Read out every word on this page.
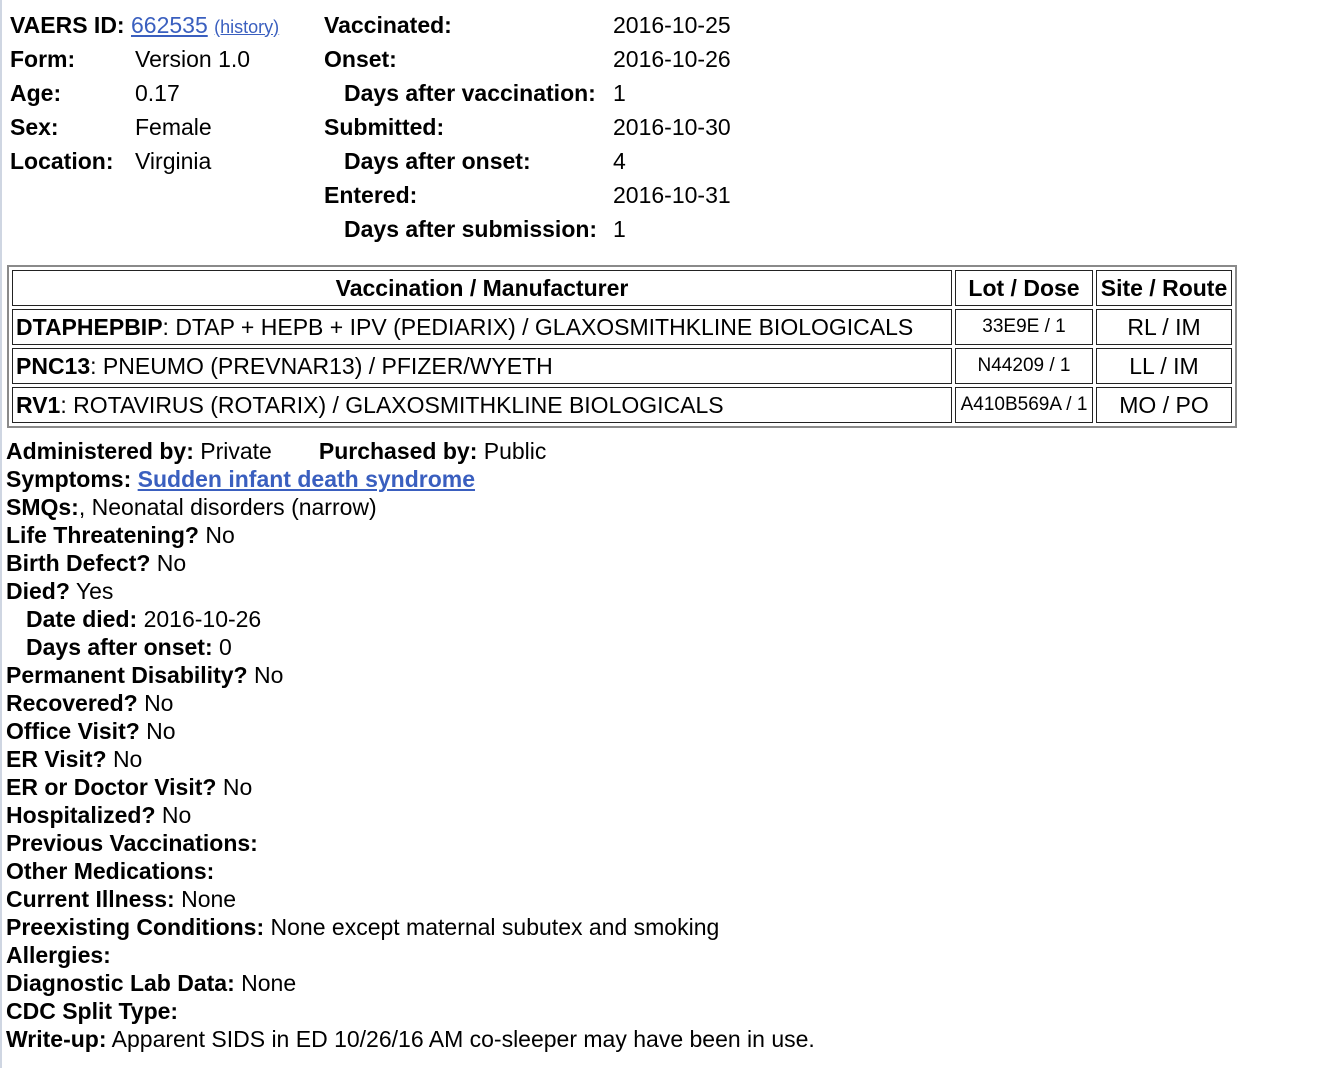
VAERS ID: 662535 (history)		Vaccinated:	2016-10-25
Form:	Version 1.0	Onset:	2016-10-26
Age:	0.17	Days after vaccination:	1
Sex:	Female	Submitted:	2016-10-30
Location:	Virginia	Days after onset:	4
		Entered:	2016-10-31
		Days after submission:	1
Vaccination / Manufacturer	Lot / Dose	Site / Route
DTAPHEPBIP: DTAP + HEPB + IPV (PEDIARIX) / GLAXOSMITHKLINE BIOLOGICALS	33E9E / 1	RL / IM
PNC13: PNEUMO (PREVNAR13) / PFIZER/WYETH	N44209 / 1	LL / IM
RV1: ROTAVIRUS (ROTARIX) / GLAXOSMITHKLINE BIOLOGICALS	A410B569A / 1	MO / PO
Administered by: Private Purchased by: Public
Symptoms: Sudden infant death syndrome
SMQs:, Neonatal disorders (narrow)
Life Threatening? No
Birth Defect? No
Died? Yes
Date died: 2016-10-26
Days after onset: 0
Permanent Disability? No
Recovered? No
Office Visit? No
ER Visit? No
ER or Doctor Visit? No
Hospitalized? No
Previous Vaccinations:
Other Medications:
Current Illness: None
Preexisting Conditions: None except maternal subutex and smoking
Allergies:
Diagnostic Lab Data: None
CDC Split Type:
Write-up: Apparent SIDS in ED 10/26/16 AM co-sleeper may have been in use.
